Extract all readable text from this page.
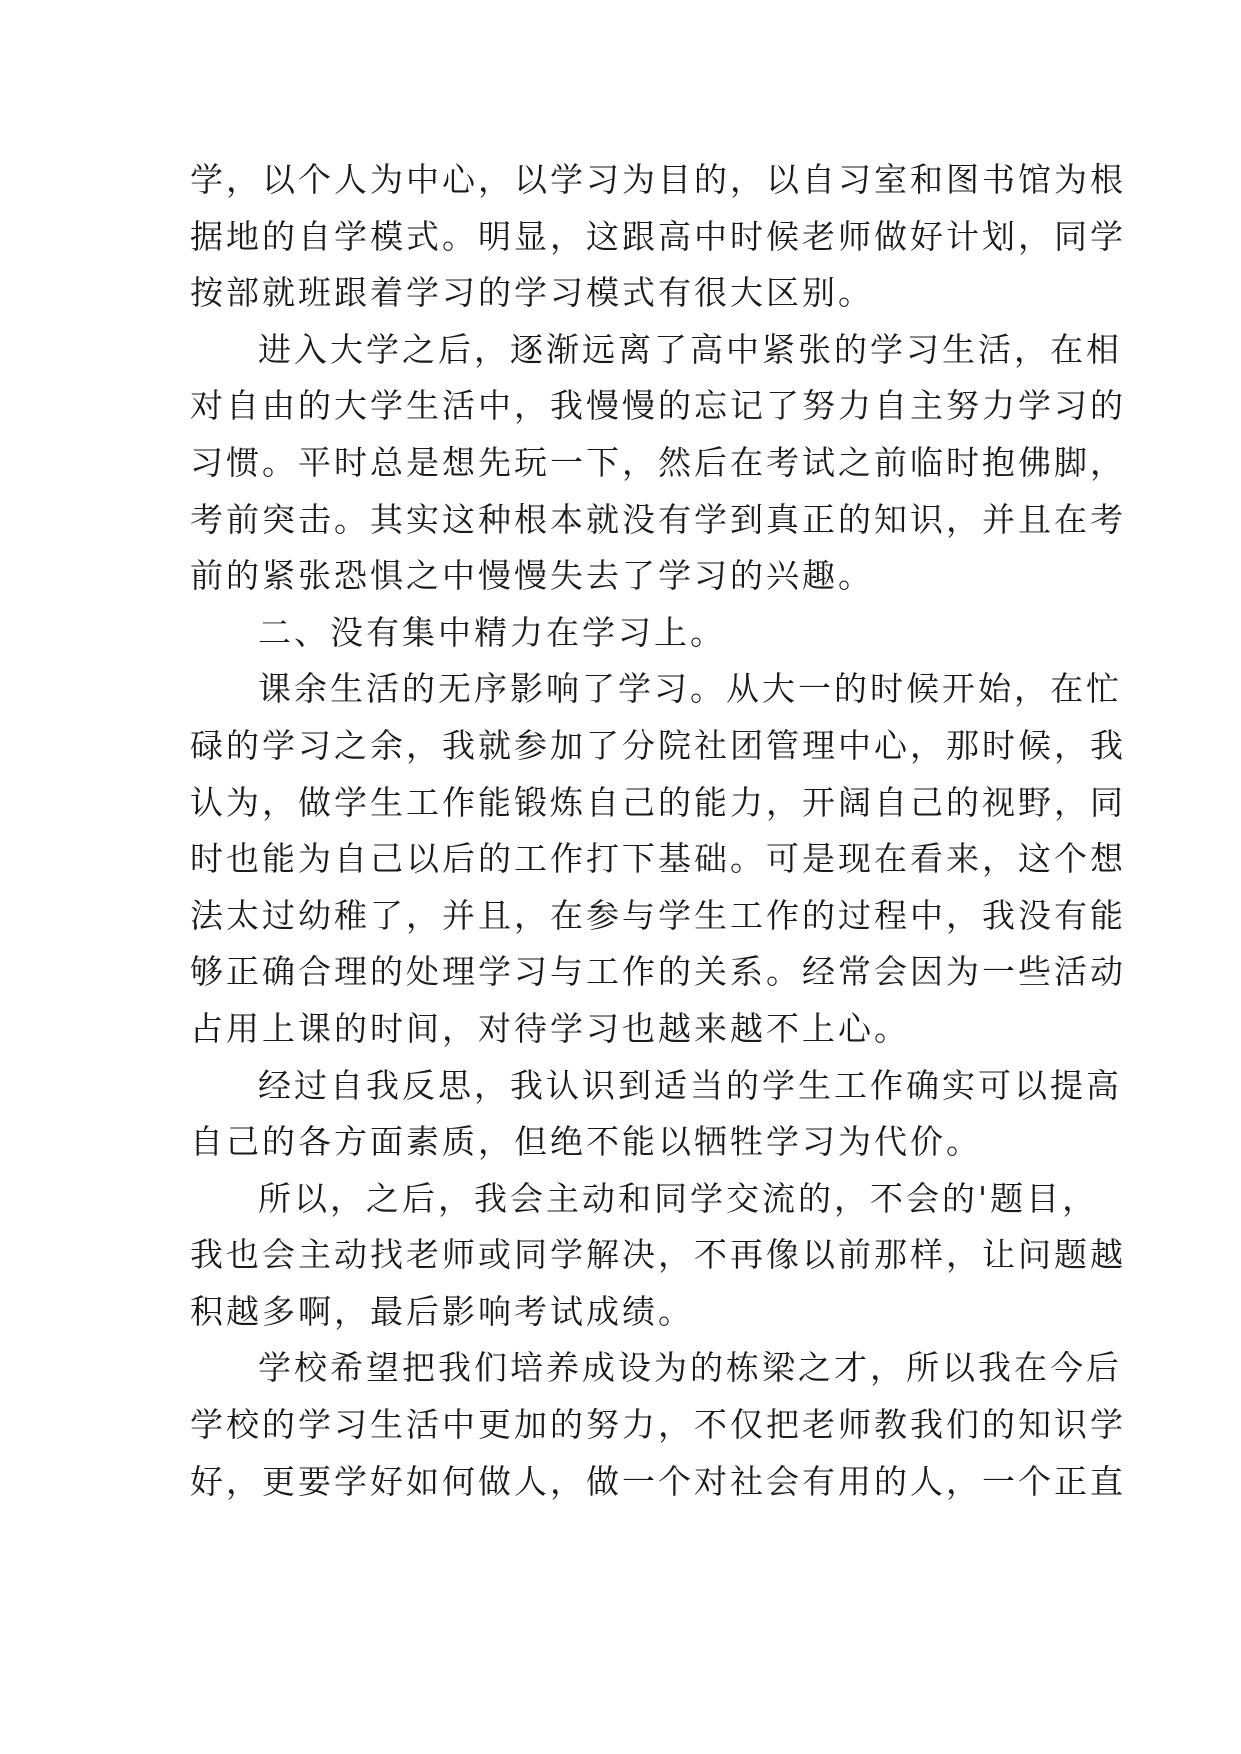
学，以个人为中心，以学习为目的，以自习室和图书馆为根
据地的自学模式。明显，这跟高中时候老师做好计划，同学
按部就班跟着学习的学习模式有很大区别。
进入大学之后，逐渐远离了高中紧张的学习生活，在相
对自由的大学生活中，我慢慢的忘记了努力自主努力学习的
习惯。平时总是想先玩一下，然后在考试之前临时抱佛脚，
考前突击。其实这种根本就没有学到真正的知识，并且在考
前的紧张恐惧之中慢慢失去了学习的兴趣。
二、没有集中精力在学习上。
课余生活的无序影响了学习。从大一的时候开始，在忙
碌的学习之余，我就参加了分院社团管理中心，那时候，我
认为，做学生工作能锻炼自己的能力，开阔自己的视野，同
时也能为自己以后的工作打下基础。可是现在看来，这个想
法太过幼稚了，并且，在参与学生工作的过程中，我没有能
够正确合理的处理学习与工作的关系。经常会因为一些活动
占用上课的时间，对待学习也越来越不上心。
经过自我反思，我认识到适当的学生工作确实可以提高
自己的各方面素质，但绝不能以牺牲学习为代价。
所以，之后，我会主动和同学交流的，不会的'题目，
我也会主动找老师或同学解决，不再像以前那样，让问题越
积越多啊，最后影响考试成绩。
学校希望把我们培养成设为的栋梁之才，所以我在今后
学校的学习生活中更加的努力，不仅把老师教我们的知识学
好，更要学好如何做人，做一个对社会有用的人，一个正直
